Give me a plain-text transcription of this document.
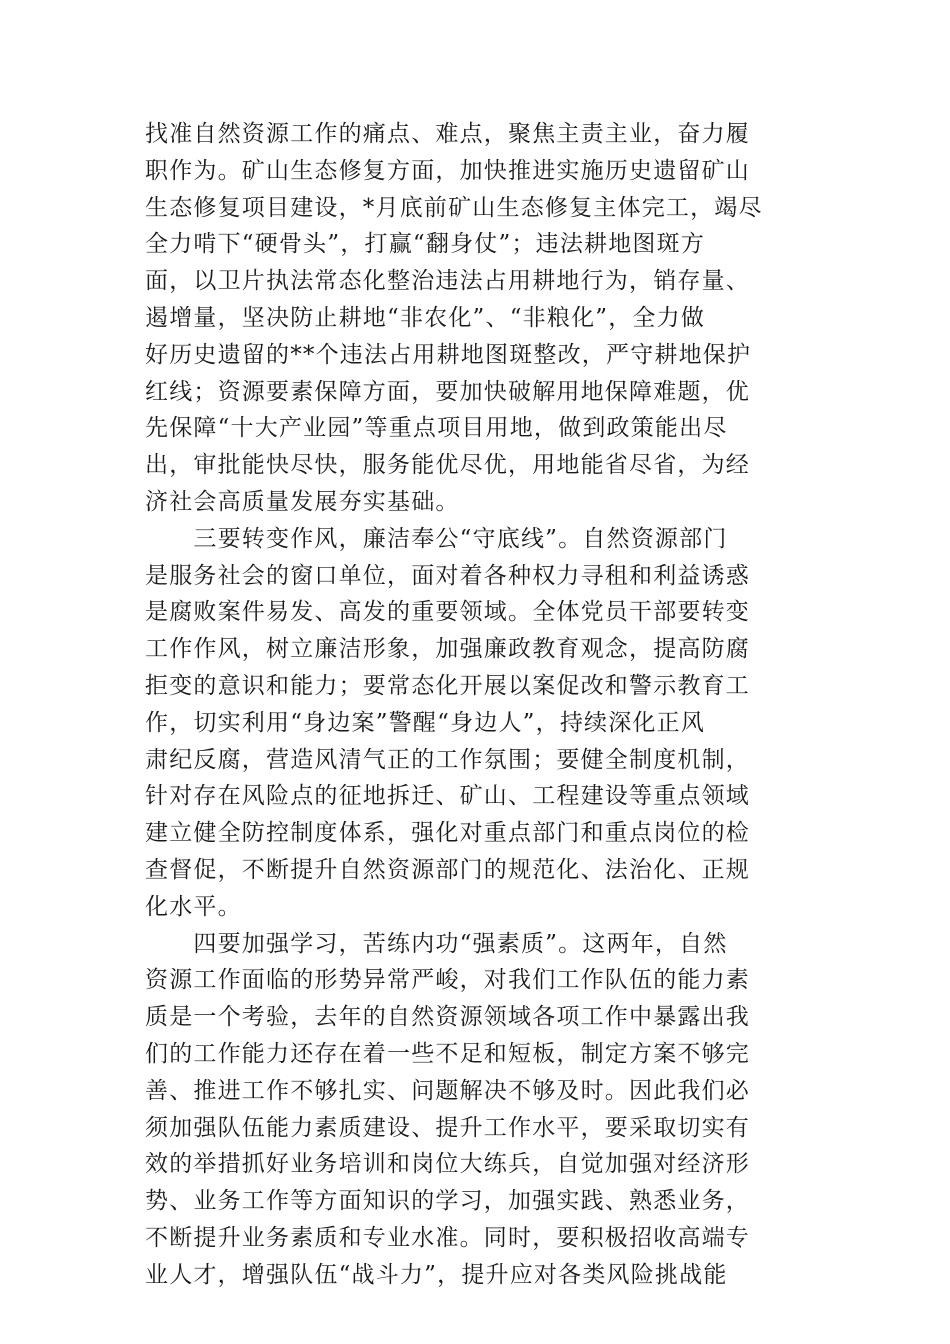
找准自然资源工作的痛点、难点，聚焦主责主业，奋力履
职作为。矿山生态修复方面，加快推进实施历史遗留矿山
生态修复项目建设，*月底前矿山生态修复主体完工，竭尽
全力啃下“硬骨头”，打赢“翻身仗”；违法耕地图斑方
面，以卫片执法常态化整治违法占用耕地行为，销存量、
遏增量，坚决防止耕地“非农化”、“非粮化”，全力做
好历史遗留的**个违法占用耕地图斑整改，严守耕地保护
红线；资源要素保障方面，要加快破解用地保障难题，优
先保障“十大产业园”等重点项目用地，做到政策能出尽
出，审批能快尽快，服务能优尽优，用地能省尽省，为经
济社会高质量发展夯实基础。
　　三要转变作风，廉洁奉公“守底线”。自然资源部门
是服务社会的窗口单位，面对着各种权力寻租和利益诱惑
是腐败案件易发、高发的重要领域。全体党员干部要转变
工作作风，树立廉洁形象，加强廉政教育观念，提高防腐
拒变的意识和能力；要常态化开展以案促改和警示教育工
作，切实利用“身边案”警醒“身边人”，持续深化正风
肃纪反腐，营造风清气正的工作氛围；要健全制度机制，
针对存在风险点的征地拆迁、矿山、工程建设等重点领域
建立健全防控制度体系，强化对重点部门和重点岗位的检
查督促，不断提升自然资源部门的规范化、法治化、正规
化水平。
　　四要加强学习，苦练内功“强素质”。这两年，自然
资源工作面临的形势异常严峻，对我们工作队伍的能力素
质是一个考验，去年的自然资源领域各项工作中暴露出我
们的工作能力还存在着一些不足和短板，制定方案不够完
善、推进工作不够扎实、问题解决不够及时。因此我们必
须加强队伍能力素质建设、提升工作水平，要采取切实有
效的举措抓好业务培训和岗位大练兵，自觉加强对经济形
势、业务工作等方面知识的学习，加强实践、熟悉业务，
不断提升业务素质和专业水准。同时，要积极招收高端专
业人才，增强队伍“战斗力”，提升应对各类风险挑战能
